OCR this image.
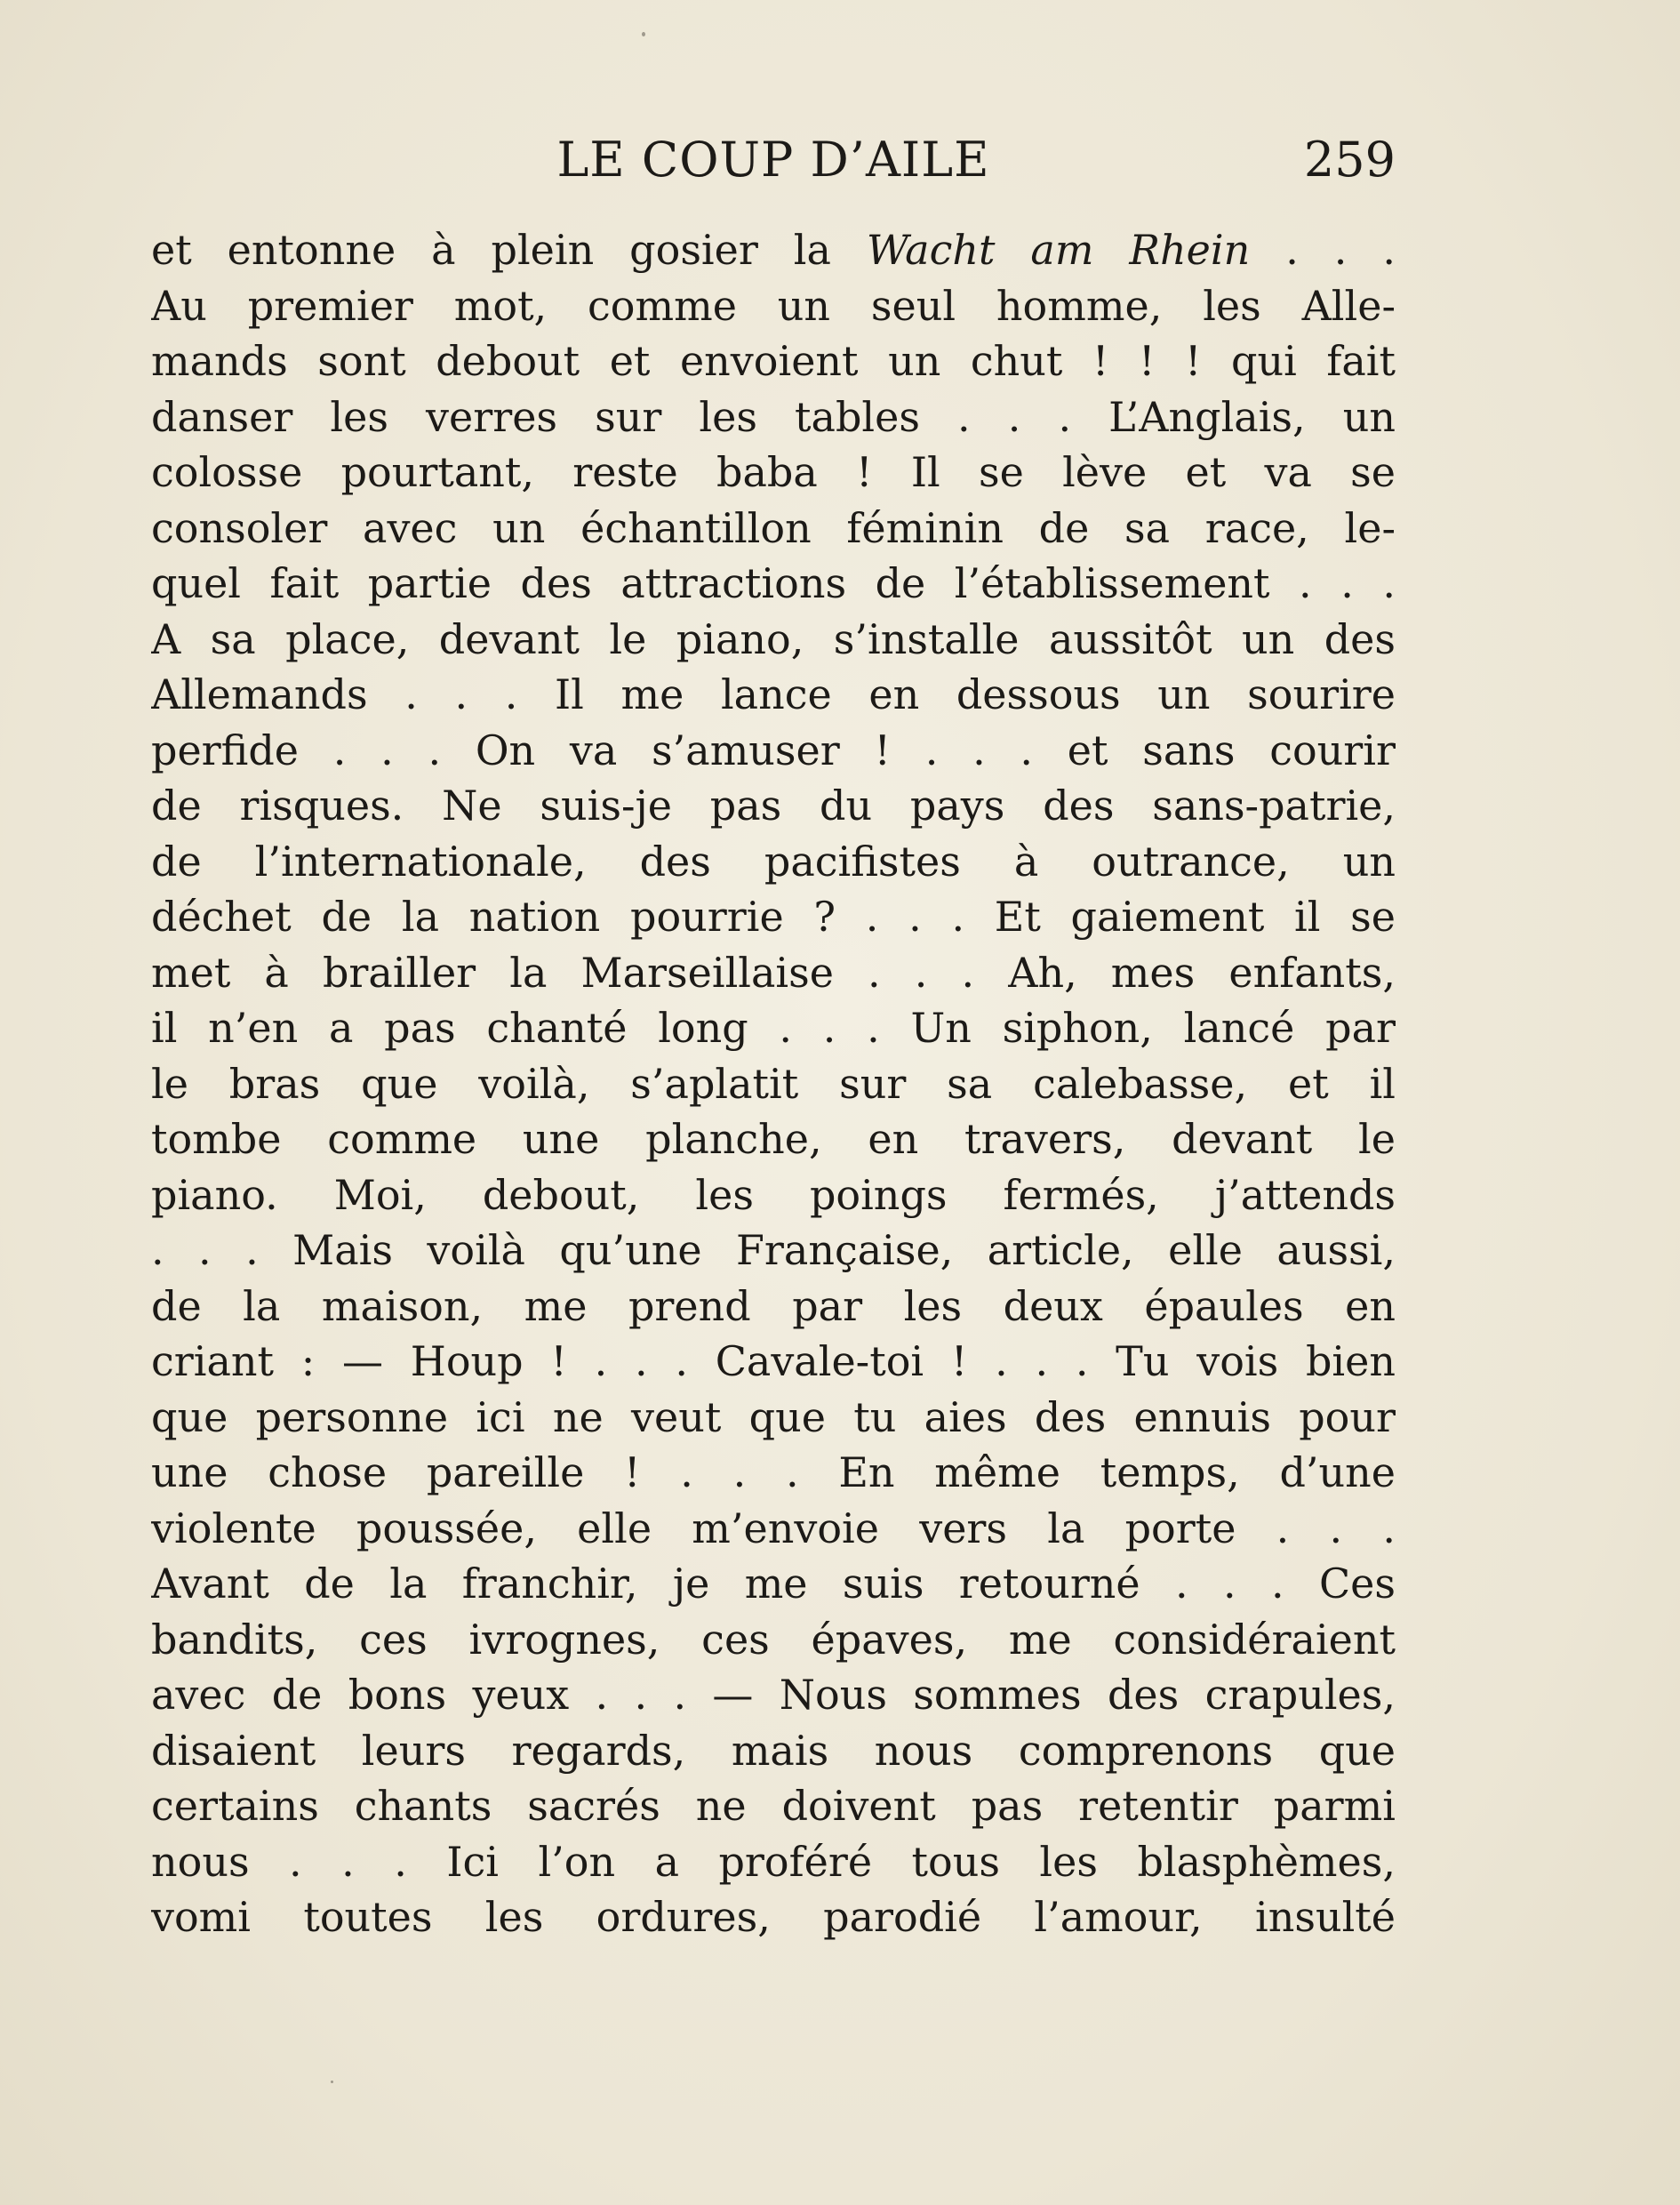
LE COUP D’AILE	259
et entonne à plein gosier la Wacht am Rhein . . .
Au premier mot, comme un seul homme, les Alle-
mands sont debout et envoient un chut ! ! ! qui fait
danser les verres sur les tables . . . L’Anglais, un
colosse pourtant, reste baba ! Il se lève et va se
consoler avec un échantillon féminin de sa race, le-
quel fait partie des attractions de l’établissement . . .
A sa place, devant le piano, s’installe aussitôt un des
Allemands . . . Il me lance en dessous un sourire
perfide . . . On va s’amuser ! . . . et sans courir
de risques. Ne suis-je pas du pays des sans-patrie,
de l’internationale, des pacifistes à outrance, un
déchet de la nation pourrie ? . . . Et gaiement il se
met à brailler la Marseillaise . . . Ah, mes enfants,
il n’en a pas chanté long . . . Un siphon, lancé par
le bras que voilà, s’aplatit sur sa calebasse, et il
tombe comme une planche, en travers, devant le
piano. Moi, debout, les poings fermés, j’attends
. . . Mais voilà qu’une Française, article, elle aussi,
de la maison, me prend par les deux épaules en
criant : — Houp ! . . . Cavale-toi ! . . . Tu vois bien
que personne ici ne veut que tu aies des ennuis pour
une chose pareille ! . . . En même temps, d’une
violente poussée, elle m’envoie vers la porte . . .
Avant de la franchir, je me suis retourné . . . Ces
bandits, ces ivrognes, ces épaves, me considéraient
avec de bons yeux . . . — Nous sommes des crapules,
disaient leurs regards, mais nous comprenons que
certains chants sacrés ne doivent pas retentir parmi
nous . . . Ici l’on a proféré tous les blasphèmes,
vomi toutes les ordures, parodié l’amour, insulté
